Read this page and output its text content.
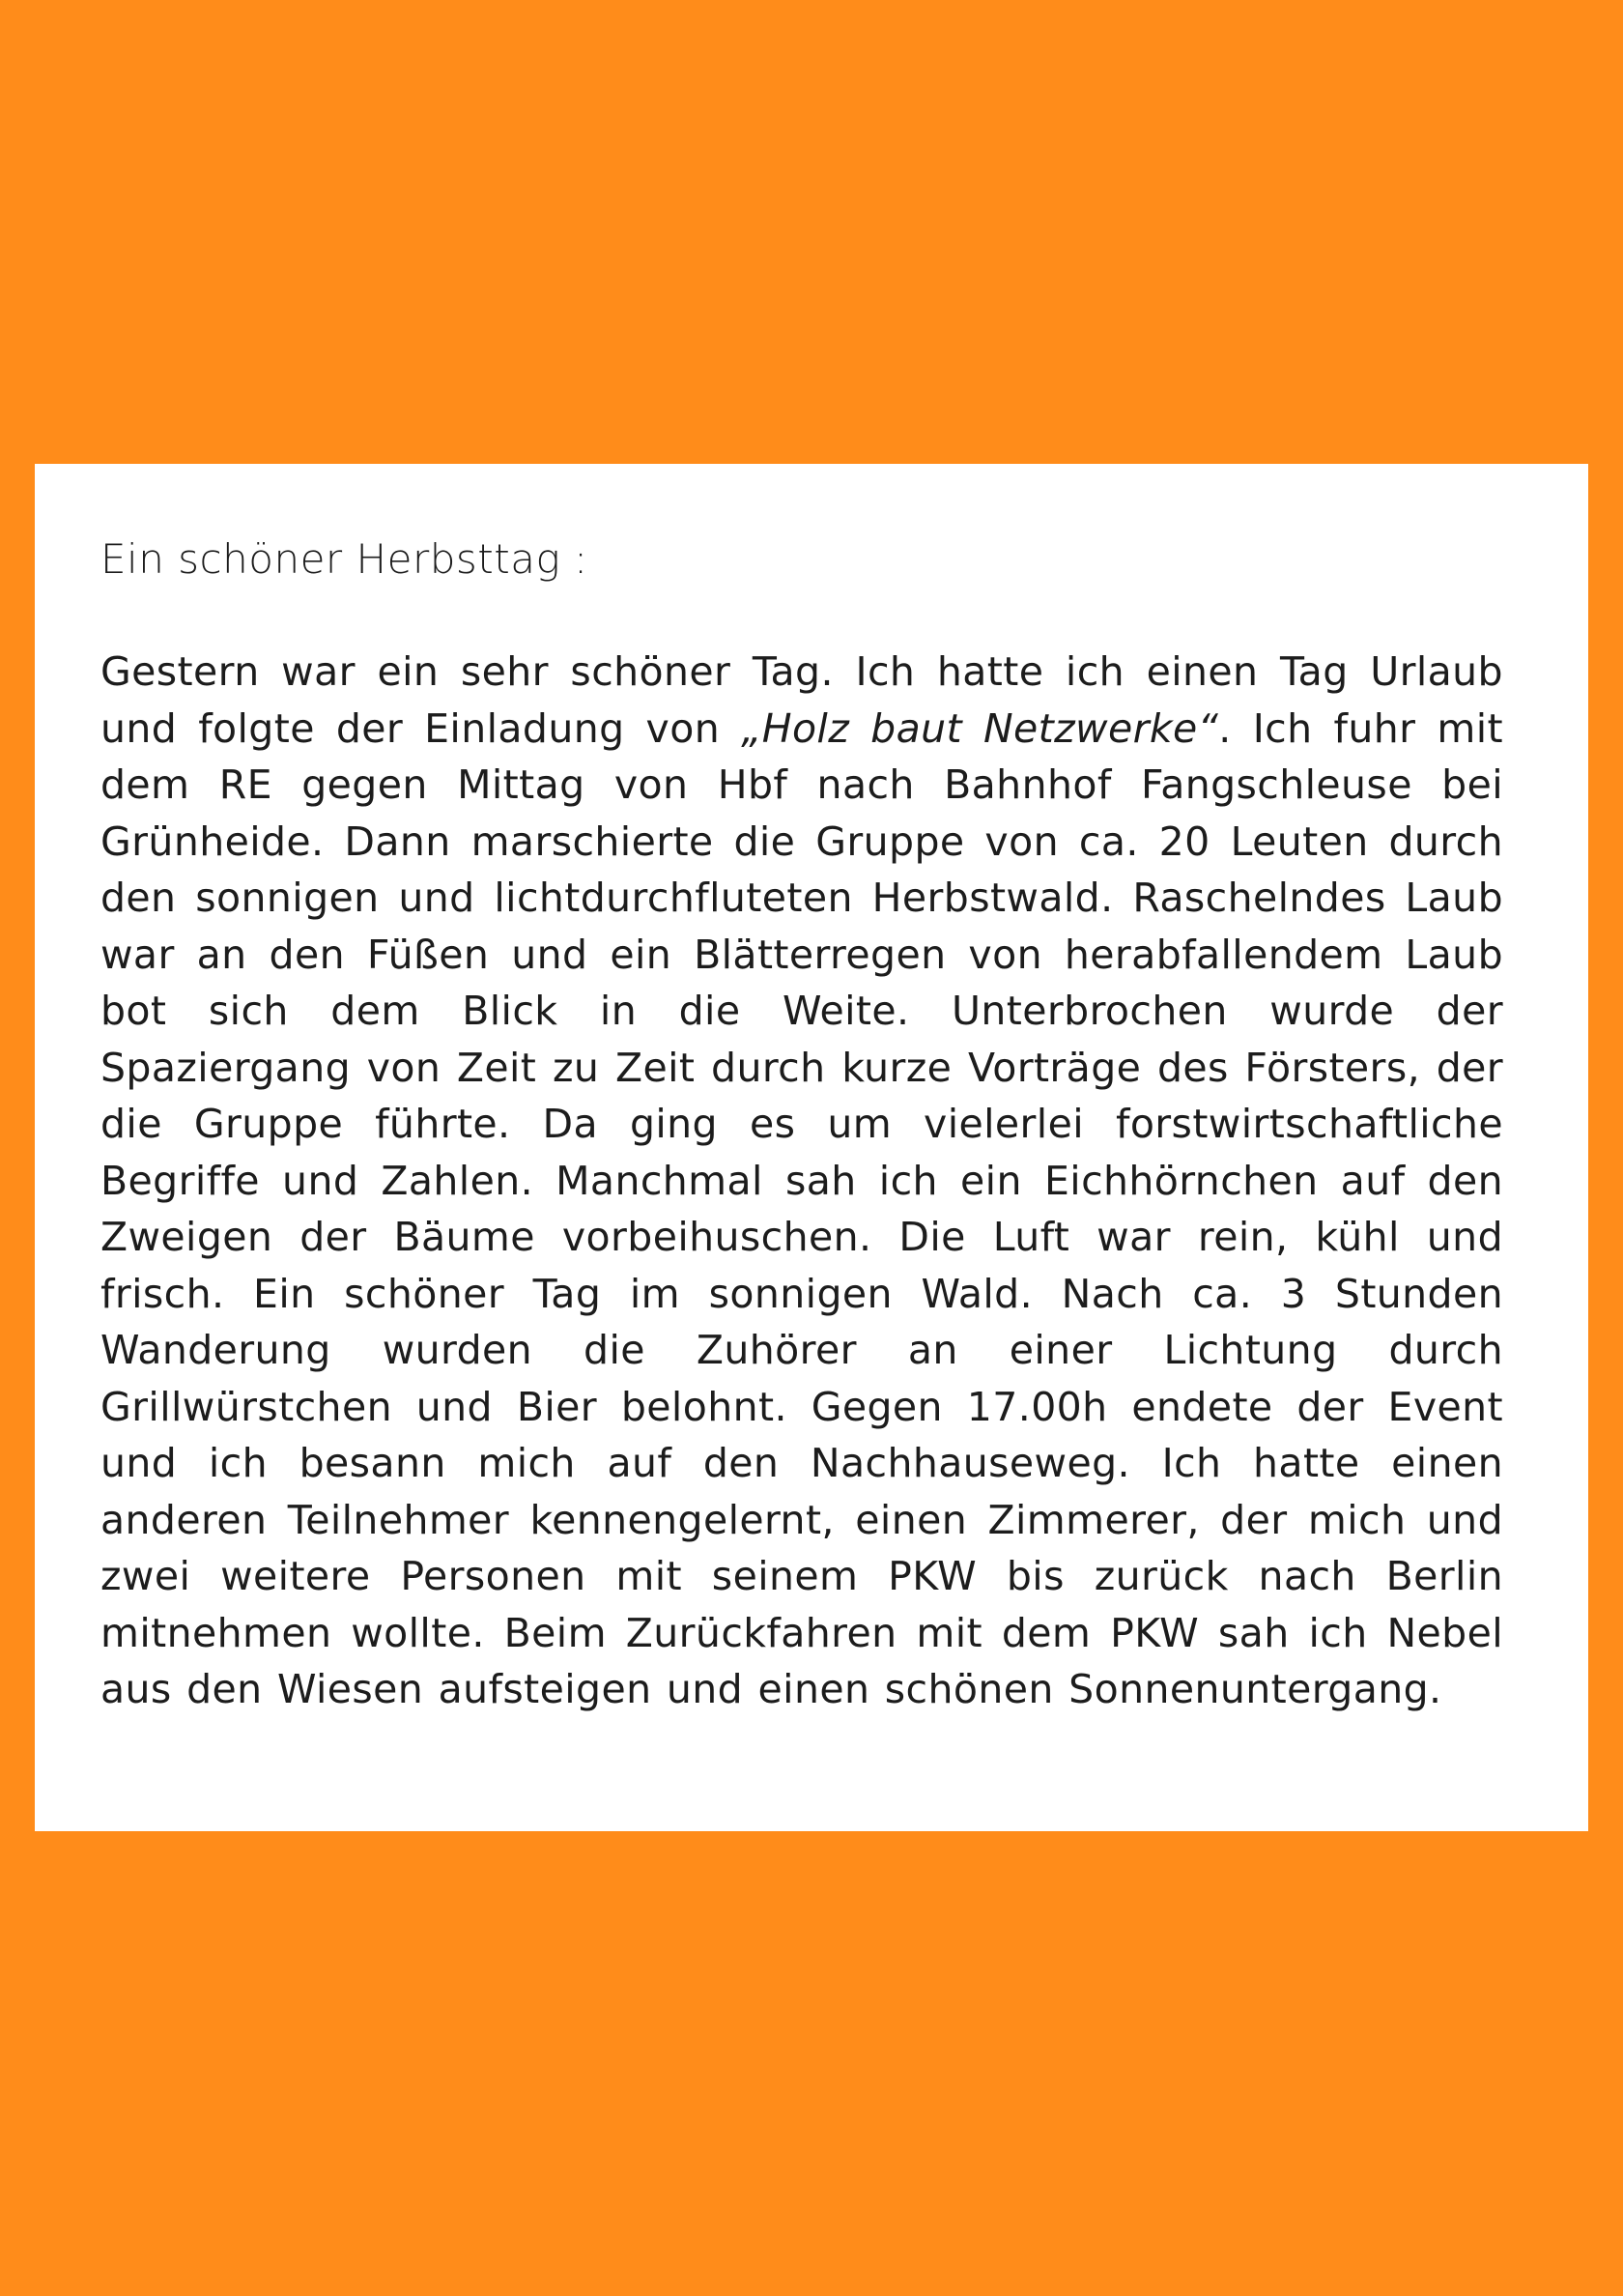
Ein schöner Herbsttag :

Gestern war ein sehr schöner Tag. Ich hatte ich einen Tag Urlaub und folgte der Einladung von „Holz baut Netzwerke“. Ich fuhr mit dem RE gegen Mittag von Hbf nach Bahnhof Fangschleuse bei Grünheide. Dann marschierte die Gruppe von ca. 20 Leuten durch den sonnigen und lichtdurchfluteten Herbstwald. Raschelndes Laub war an den Füßen und ein Blätterregen von herabfallendem Laub bot sich dem Blick in die Weite. Unterbrochen wurde der Spaziergang von Zeit zu Zeit durch kurze Vorträge des Försters, der die Gruppe führte. Da ging es um vielerlei forstwirtschaftliche Begriffe und Zahlen. Manchmal sah ich ein Eichhörnchen auf den Zweigen der Bäume vorbeihuschen. Die Luft war rein, kühl und frisch. Ein schöner Tag im sonnigen Wald. Nach ca. 3 Stunden Wanderung wurden die Zuhörer an einer Lichtung durch Grillwürstchen und Bier belohnt. Gegen 17.00h endete der Event und ich besann mich auf den Nachhauseweg. Ich hatte einen anderen Teilnehmer kennengelernt, einen Zimmerer, der mich und zwei weitere Personen mit seinem PKW bis zurück nach Berlin mitnehmen wollte. Beim Zurückfahren mit dem PKW sah ich Nebel aus den Wiesen aufsteigen und einen schönen Sonnenuntergang.
